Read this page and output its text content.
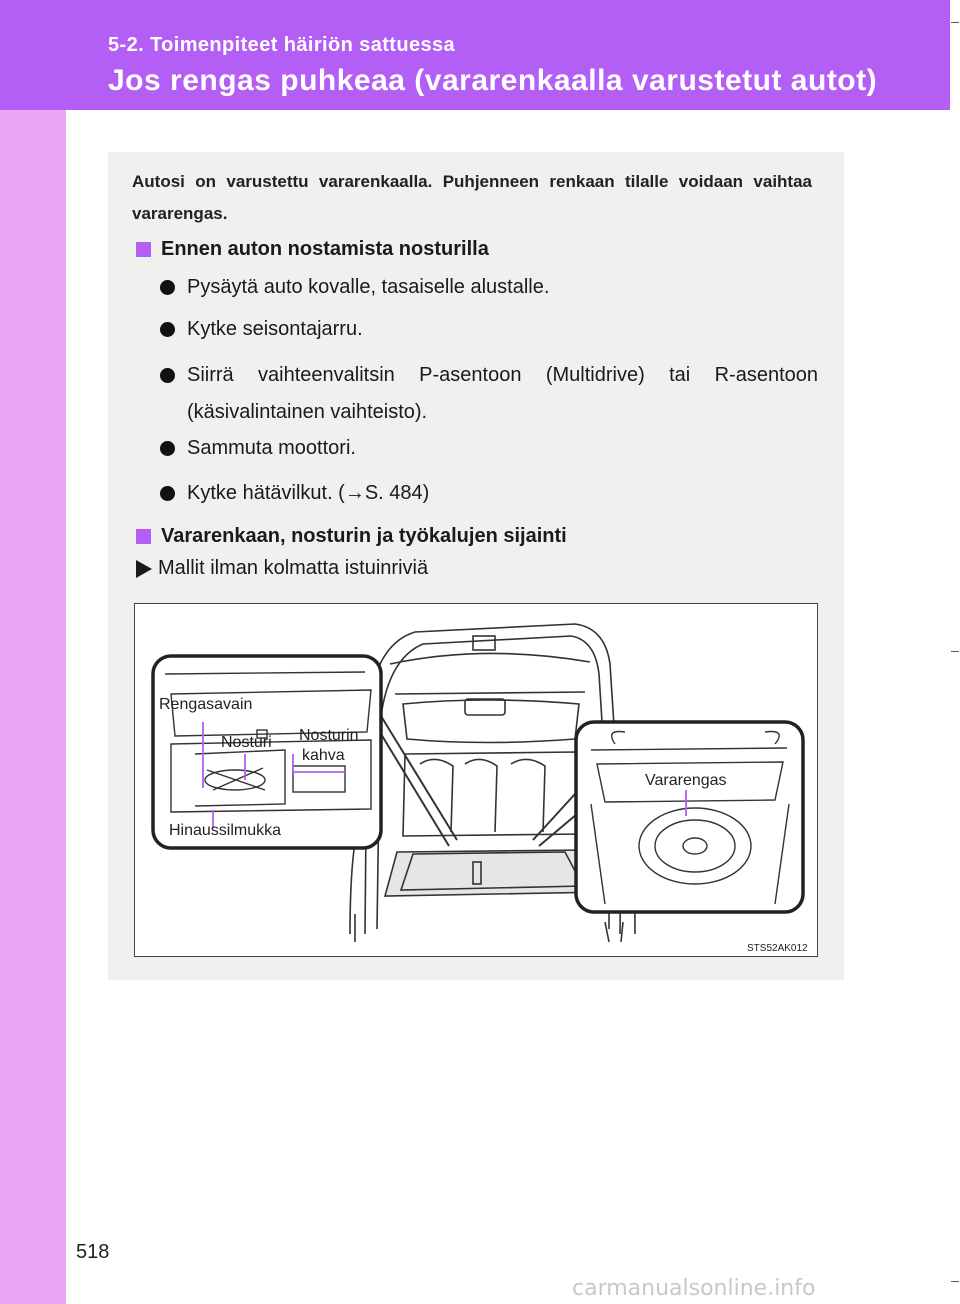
5-2. Toimenpiteet häiriön sattuessa
Jos rengas puhkeaa (vararenkaalla varustetut autot)
Autosi on varustettu vararenkaalla. Puhjenneen renkaan tilalle voidaan vaihtaa vararengas.
Ennen auton nostamista nosturilla
Pysäytä auto kovalle, tasaiselle alustalle.
Kytke seisontajarru.
Siirrä vaihteenvalitsin P-asentoon (Multidrive) tai R-asentoon (käsivalintainen vaihteisto).
Sammuta moottori.
Kytke hätävilkut. (→S. 484)
Vararenkaan, nosturin ja työkalujen sijainti
Mallit ilman kolmatta istuinriviä
Rengasavain
Nosturi Nosturin
kahva
Hinaussilmukka
Vararengas
STS52AK012
518
carmanualsonline.info
